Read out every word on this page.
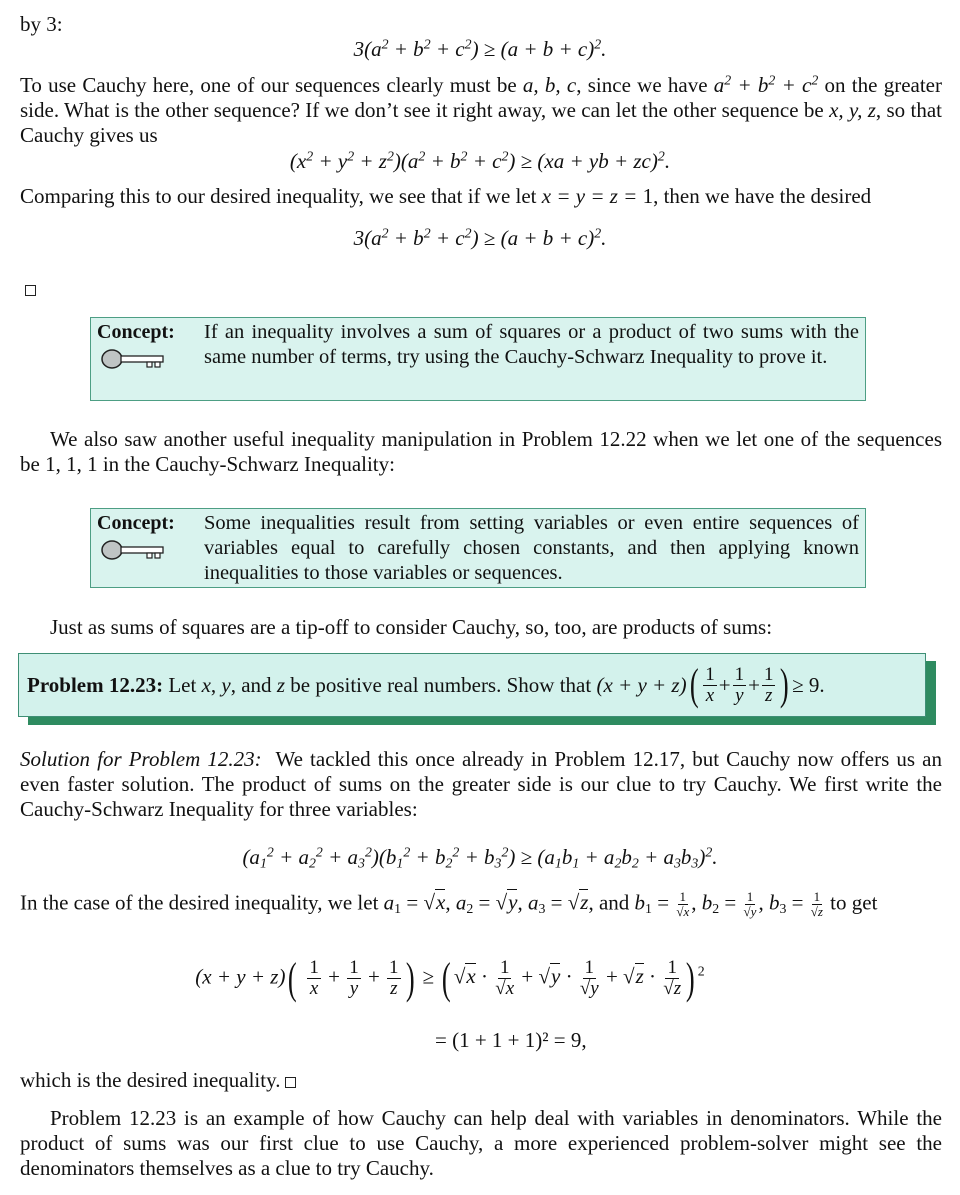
by 3:
$3(a^2 + b^2 + c^2) \ge (a + b + c)^2$.
To use Cauchy here, one of our sequences clearly must be a, b, c, since we have $a^2 + b^2 + c^2$ on the greater side. What is the other sequence? If we don’t see it right away, we can let the other sequence be x, y, z, so that Cauchy gives us
$(x^2 + y^2 + z^2)(a^2 + b^2 + c^2) \ge (xa$ + yb + zc)$^2$.
Comparing this to our desired inequality, we see that if we let x = y = z = 1, then we have the desired
$3(a^2 + b^2 + c^2) \ge (a + b + c)^2$.
Concept: If an inequality involves a sum of squares or a product of two sums with the same number of terms, try using the Cauchy-Schwarz Inequality to prove it.
We also saw another useful inequality manipulation in Problem 12.22 when we let one of the sequences be 1, 1, 1 in the Cauchy-Schwarz Inequality:
Concept: Some inequalities result from setting variables or even entire sequences of variables equal to carefully chosen constants, and then applying known inequalities to those variables or sequences.
Just as sums of squares are a tip-off to consider Cauchy, so, too, are products of sums:
Problem 12.23:
Let x, y, and z be positive real numbers. Show that
(x + y + z) ( $\frac{1}{x} + \frac{1}{y} + \frac{1}{z}$ ) ≥ 9.
Solution for Problem 12.23: We tackled this once already in Problem 12.17, but Cauchy now offers us an even faster solution. The product of sums on the greater side is our clue to try Cauchy. We first write the Cauchy-Schwarz Inequality for three variables:
$(a_1^2 + a_2^2 + a_3^2)(b_1^2 + b_2^2 + b_3^2) \ge (a_1b_1 + a_2b_2 + a_3b_3)^2$.
In the case of the desired inequality, we let $a_1 = √x$, $a_2 = √y$, $a_3 = √z$, and $b_1 = \frac{1}{√x}$ , $b_2 = \frac{1}{√y}$ , $b_3 = \frac{1}{√z}$ to get
$(x + y + z)( \frac{1}{x} + \frac{1}{y} + \frac{1}{z}$ ) ≥ ( $√x \cdot \frac{1}{√x} + √y \cdot \frac{1}{√y} + √z \cdot \frac{1}{√z}$ ) $^2$
= (1 + 1 + 1)² = 9,
which is the desired inequality.
Problem 12.23 is an example of how Cauchy can help deal with variables in denominators. While the product of sums was our first clue to use Cauchy, a more experienced problem-solver might see the denominators themselves as a clue to try Cauchy.
